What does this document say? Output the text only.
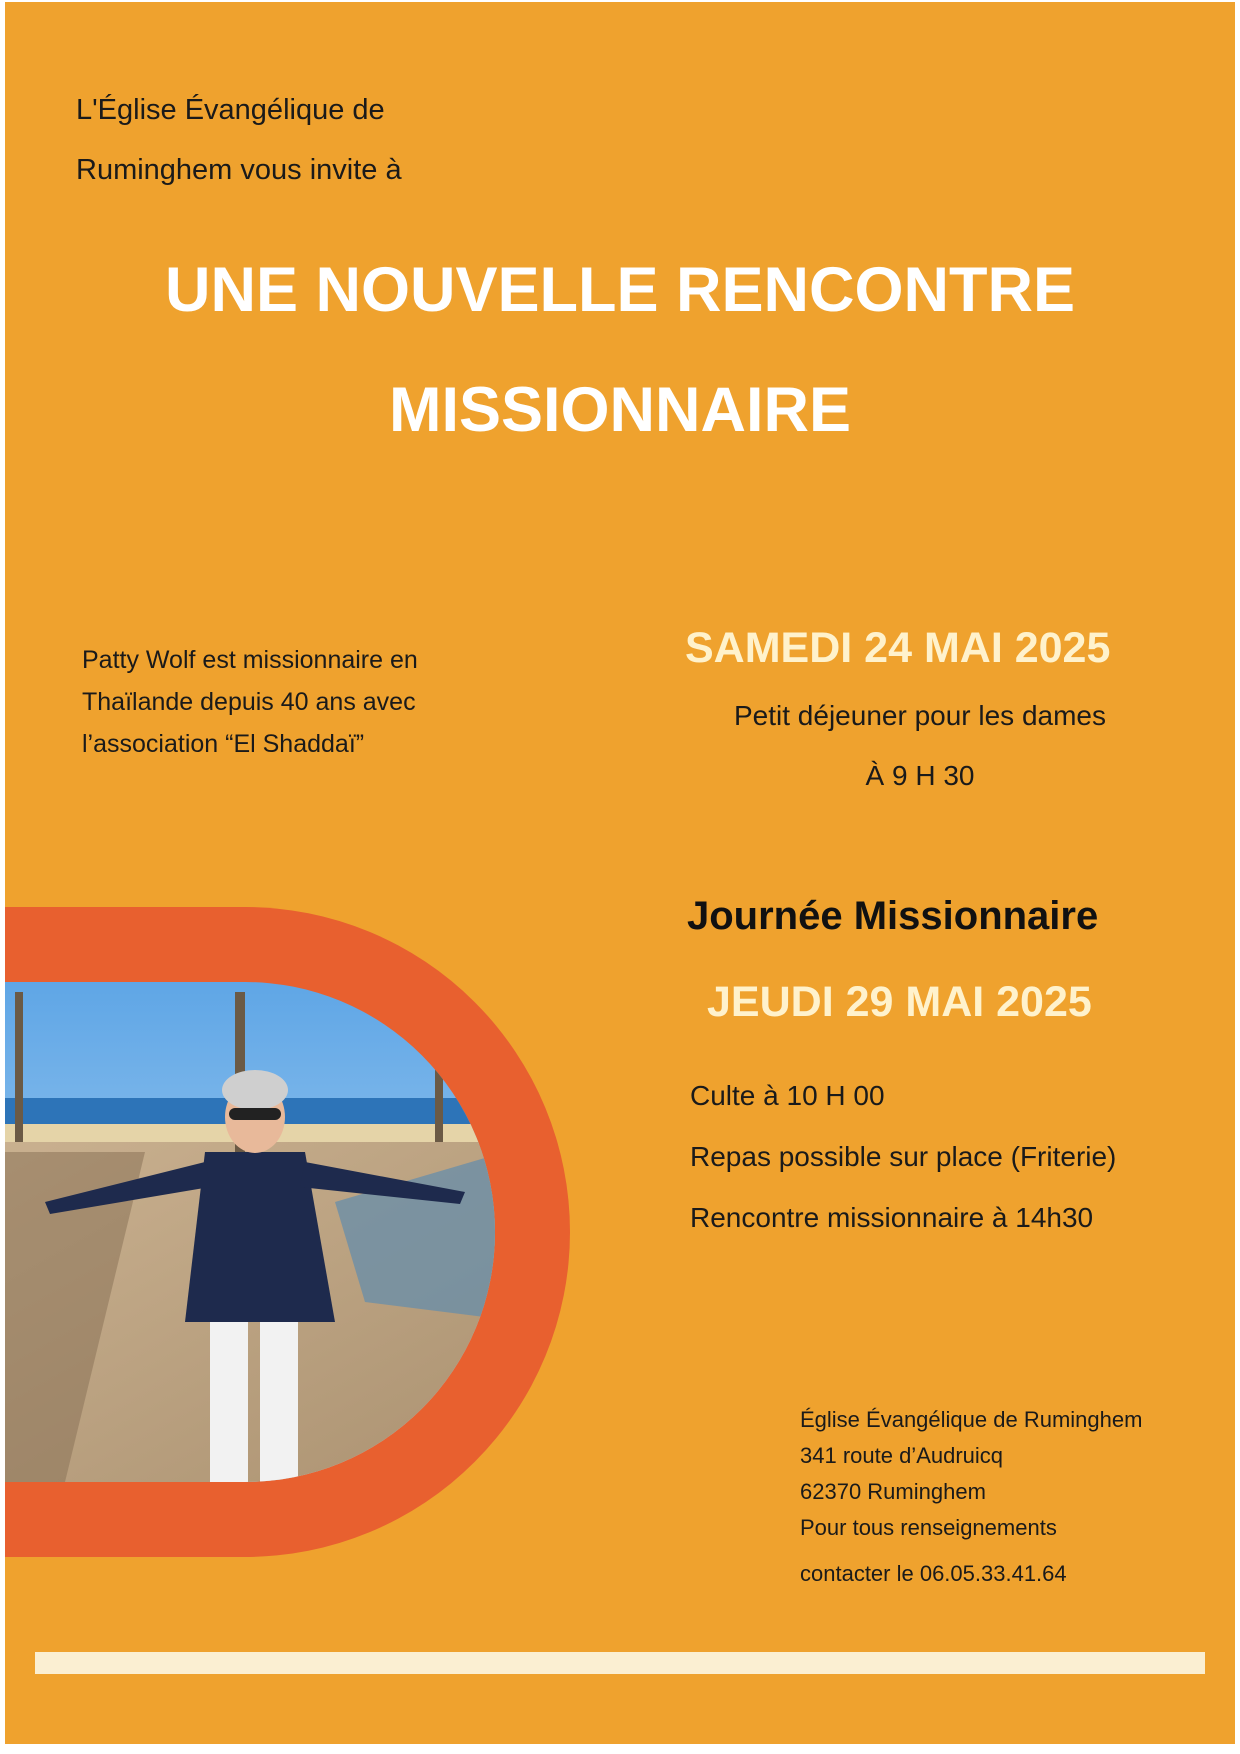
L'Église Évangélique de
Ruminghem vous invite à
UNE NOUVELLE RENCONTRE
MISSIONNAIRE
Patty Wolf est missionnaire en
Thaïlande depuis 40 ans avec
l’association “El Shaddaï”
SAMEDI 24 MAI 2025
Petit déjeuner pour les dames
À 9 H 30
Journée Missionnaire
JEUDI 29 MAI 2025
Culte à 10 H 00
Repas possible sur place (Friterie)
Rencontre missionnaire à 14h30
Église Évangélique de Ruminghem
341 route d’Audruicq
62370 Ruminghem
Pour tous renseignements
contacter le 06.05.33.41.64
